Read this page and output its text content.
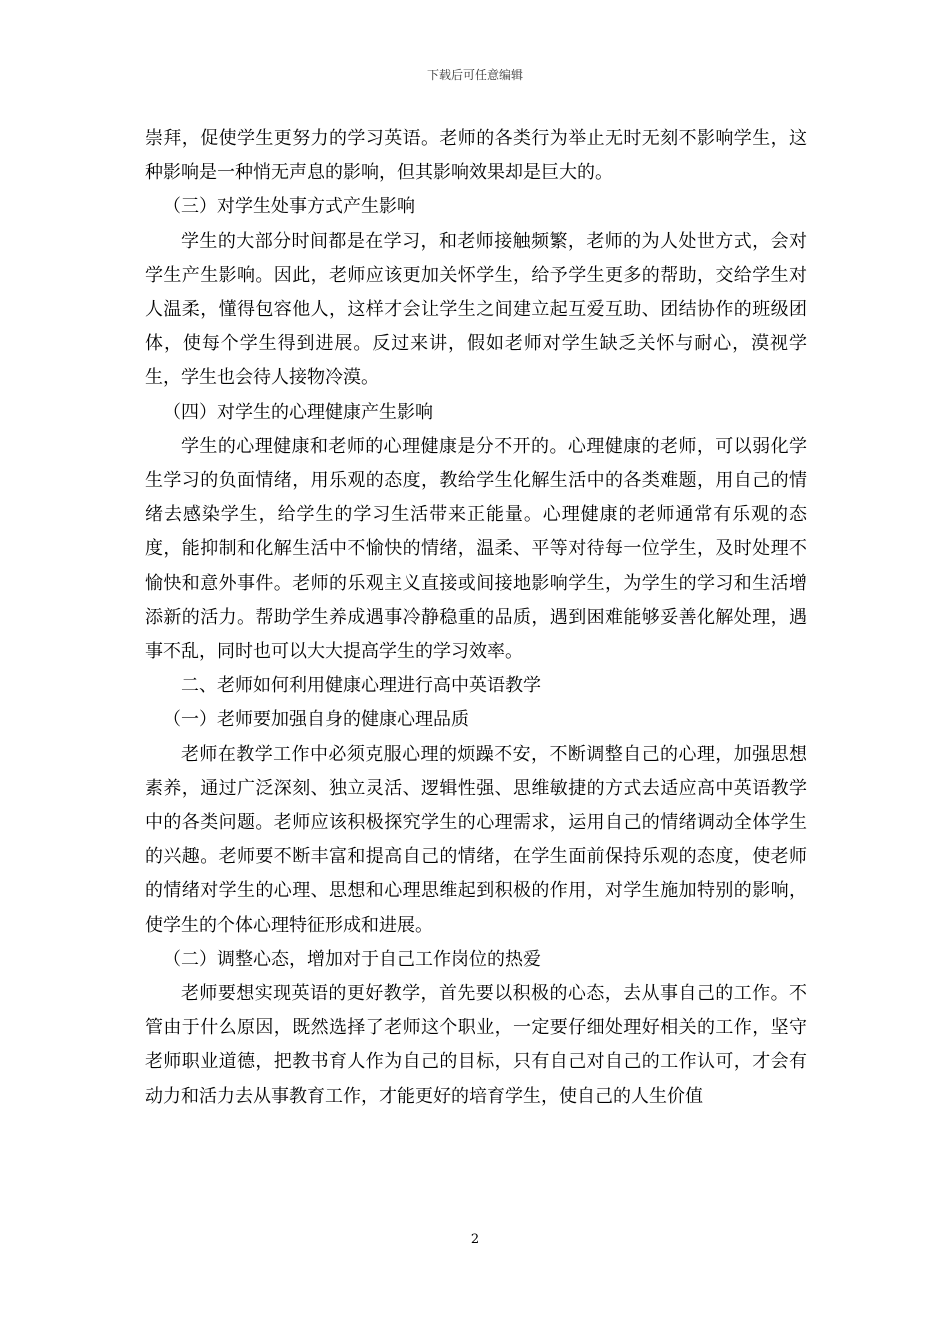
下载后可任意编辑

崇拜，促使学生更努力的学习英语。老师的各类行为举止无时无刻不影响学生，这种影响是一种悄无声息的影响，但其影响效果却是巨大的。

（三）对学生处事方式产生影响

学生的大部分时间都是在学习，和老师接触频繁，老师的为人处世方式，会对学生产生影响。因此，老师应该更加关怀学生，给予学生更多的帮助，交给学生对人温柔，懂得包容他人，这样才会让学生之间建立起互爱互助、团结协作的班级团体，使每个学生得到进展。反过来讲，假如老师对学生缺乏关怀与耐心，漠视学生，学生也会待人接物冷漠。

（四）对学生的心理健康产生影响

学生的心理健康和老师的心理健康是分不开的。心理健康的老师，可以弱化学生学习的负面情绪，用乐观的态度，教给学生化解生活中的各类难题，用自己的情绪去感染学生，给学生的学习生活带来正能量。心理健康的老师通常有乐观的态度，能抑制和化解生活中不愉快的情绪，温柔、平等对待每一位学生，及时处理不愉快和意外事件。老师的乐观主义直接或间接地影响学生，为学生的学习和生活增添新的活力。帮助学生养成遇事冷静稳重的品质，遇到困难能够妥善化解处理，遇事不乱，同时也可以大大提高学生的学习效率。

二、老师如何利用健康心理进行高中英语教学

（一）老师要加强自身的健康心理品质

老师在教学工作中必须克服心理的烦躁不安，不断调整自己的心理，加强思想素养，通过广泛深刻、独立灵活、逻辑性强、思维敏捷的方式去适应高中英语教学中的各类问题。老师应该积极探究学生的心理需求，运用自己的情绪调动全体学生的兴趣。老师要不断丰富和提高自己的情绪，在学生面前保持乐观的态度，使老师的情绪对学生的心理、思想和心理思维起到积极的作用，对学生施加特别的影响，使学生的个体心理特征形成和进展。

（二）调整心态，增加对于自己工作岗位的热爱

老师要想实现英语的更好教学，首先要以积极的心态，去从事自己的工作。不管由于什么原因，既然选择了老师这个职业，一定要仔细处理好相关的工作，坚守老师职业道德，把教书育人作为自己的目标，只有自己对自己的工作认可，才会有动力和活力去从事教育工作，才能更好的培育学生，使自己的人生价值

2
